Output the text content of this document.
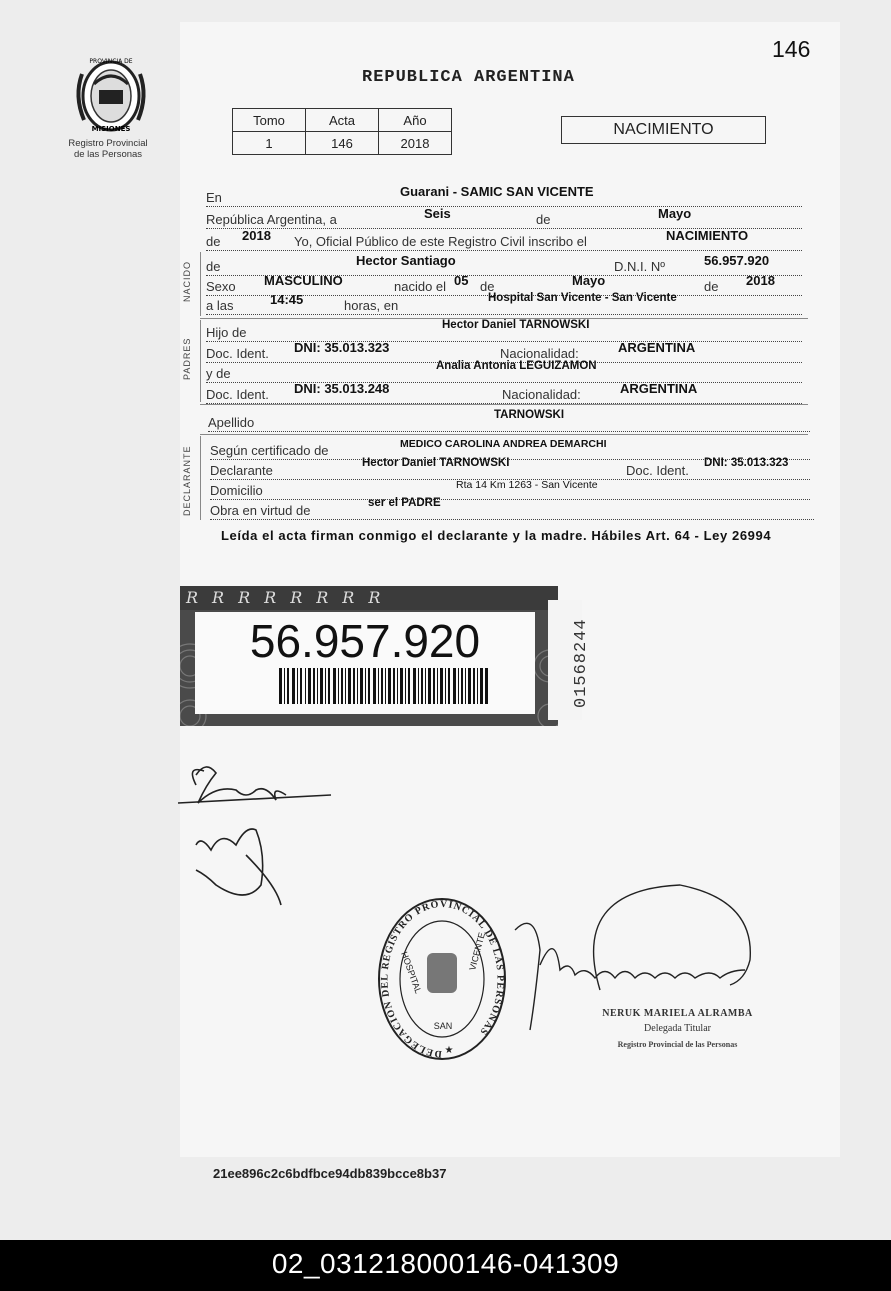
PROVINCIA DE
MISIONES
Registro Provincial
de las Personas
146
REPUBLICA ARGENTINA
Tomo	Acta	Año
1	146	2018
NACIMIENTO
NACIDO
PADRES
DECLARANTE
En	Guarani - SAMIC SAN VICENTE
República Argentina, a	Seis	de	Mayo
de 2018 Yo, Oficial Público de este Registro Civil inscribo el	NACIMIENTO
de	Hector Santiago	D.N.I. Nº	56.957.920
Sexo MASCULINO	nacido el 05 de	Mayo	de 2018
a las	14:45	horas, en	Hospital San Vicente - San Vicente
Hijo de	Hector Daniel TARNOWSKI
Doc. Ident. DNI: 35.013.323	Nacionalidad:	ARGENTINA
y de	Analia Antonia LEGUIZAMON
Doc. Ident. DNI: 35.013.248	Nacionalidad:	ARGENTINA
Apellido	TARNOWSKI
Según certificado de	MEDICO CAROLINA ANDREA DEMARCHI
Declarante	Hector Daniel TARNOWSKI	Doc. Ident. DNI: 35.013.323
Domicilio	Rta 14 Km 1263 - San Vicente
Obra en virtud de	ser el PADRE
Leída el acta firman conmigo el declarante y la madre. Hábiles Art. 64 - Ley 26994
RRRRRRRR
56.957.920	01568244
DELEGACION DEL REGISTRO PROVINCIAL DE LAS PERSONAS
HOSPITAL
SAN
VICENTE
★
NERUK MARIELA ALRAMBA
Delegada Titular
Registro Provincial de las Personas
21ee896c2c6bdfbce94db839bcce8b37
02_031218000146-041309
